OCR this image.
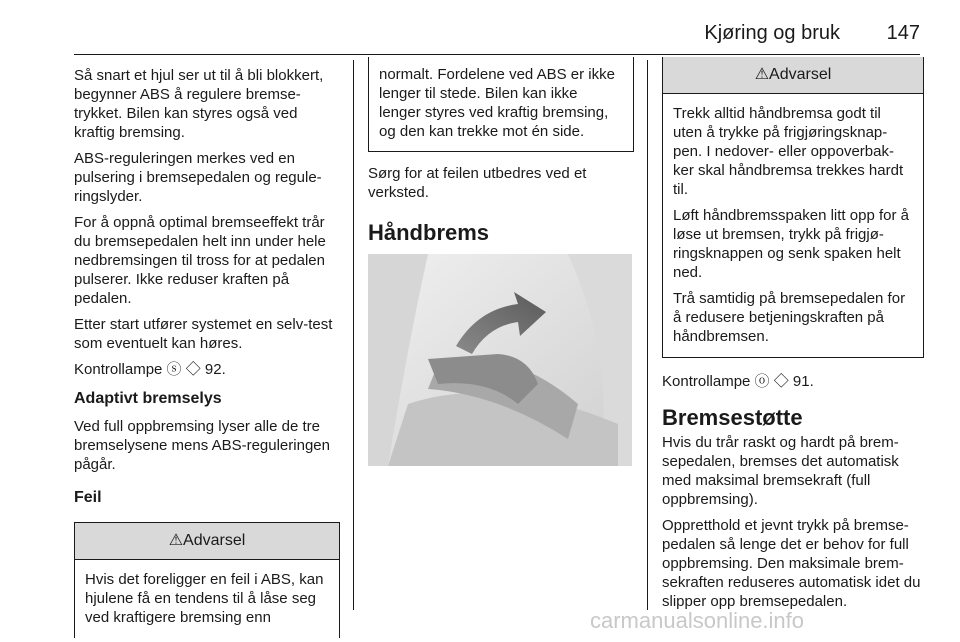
Kjøring og bruk 147

Så snart et hjul ser ut til å bli blokkert, begynner ABS å regulere bremse-trykket. Bilen kan styres også ved kraftig bremsing.

ABS-reguleringen merkes ved en pulsering i bremsepedalen og regule-ringslyder.

For å oppnå optimal bremseeffekt trår du bremsepedalen helt inn under hele nedbremsingen til tross for at pedalen pulserer. Ikke reduser kraften på pedalen.

Etter start utfører systemet en selv-test som eventuelt kan høres.

Kontrollampe ⓢ ◇ 92.

Adaptivt bremselys

Ved full oppbremsing lyser alle de tre bremselysene mens ABS-reguleringen pågår.

Feil
⚠Advarsel

Hvis det foreligger en feil i ABS, kan hjulene få en tendens til å låse seg ved kraftigere bremsing enn

normalt. Fordelene ved ABS er ikke lenger til stede. Bilen kan ikke lenger styres ved kraftig bremsing, og den kan trekke mot én side.

Sørg for at feilen utbedres ved et verksted.

Håndbrems
⚠Advarsel

Trekk alltid håndbremsa godt til uten å trykke på frigjøringsknap-pen. I nedover- eller oppoverbak-ker skal håndbremsa trekkes hardt til.

Løft håndbremsspaken litt opp for å løse ut bremsen, trykk på frigjø-ringsknappen og senk spaken helt ned.

Trå samtidig på bremsepedalen for å redusere betjeningskraften på håndbremsen.

Kontrollampe ⓞ ◇ 91.

Bremsestøtte

Hvis du trår raskt og hardt på brem-sepedalen, bremses det automatisk med maksimal bremsekraft (full oppbremsing).

Oppretthold et jevnt trykk på bremse-pedalen så lenge det er behov for full oppbremsing. Den maksimale brem-sekraften reduseres automatisk idet du slipper opp bremsepedalen.

carmanualsonline.info
